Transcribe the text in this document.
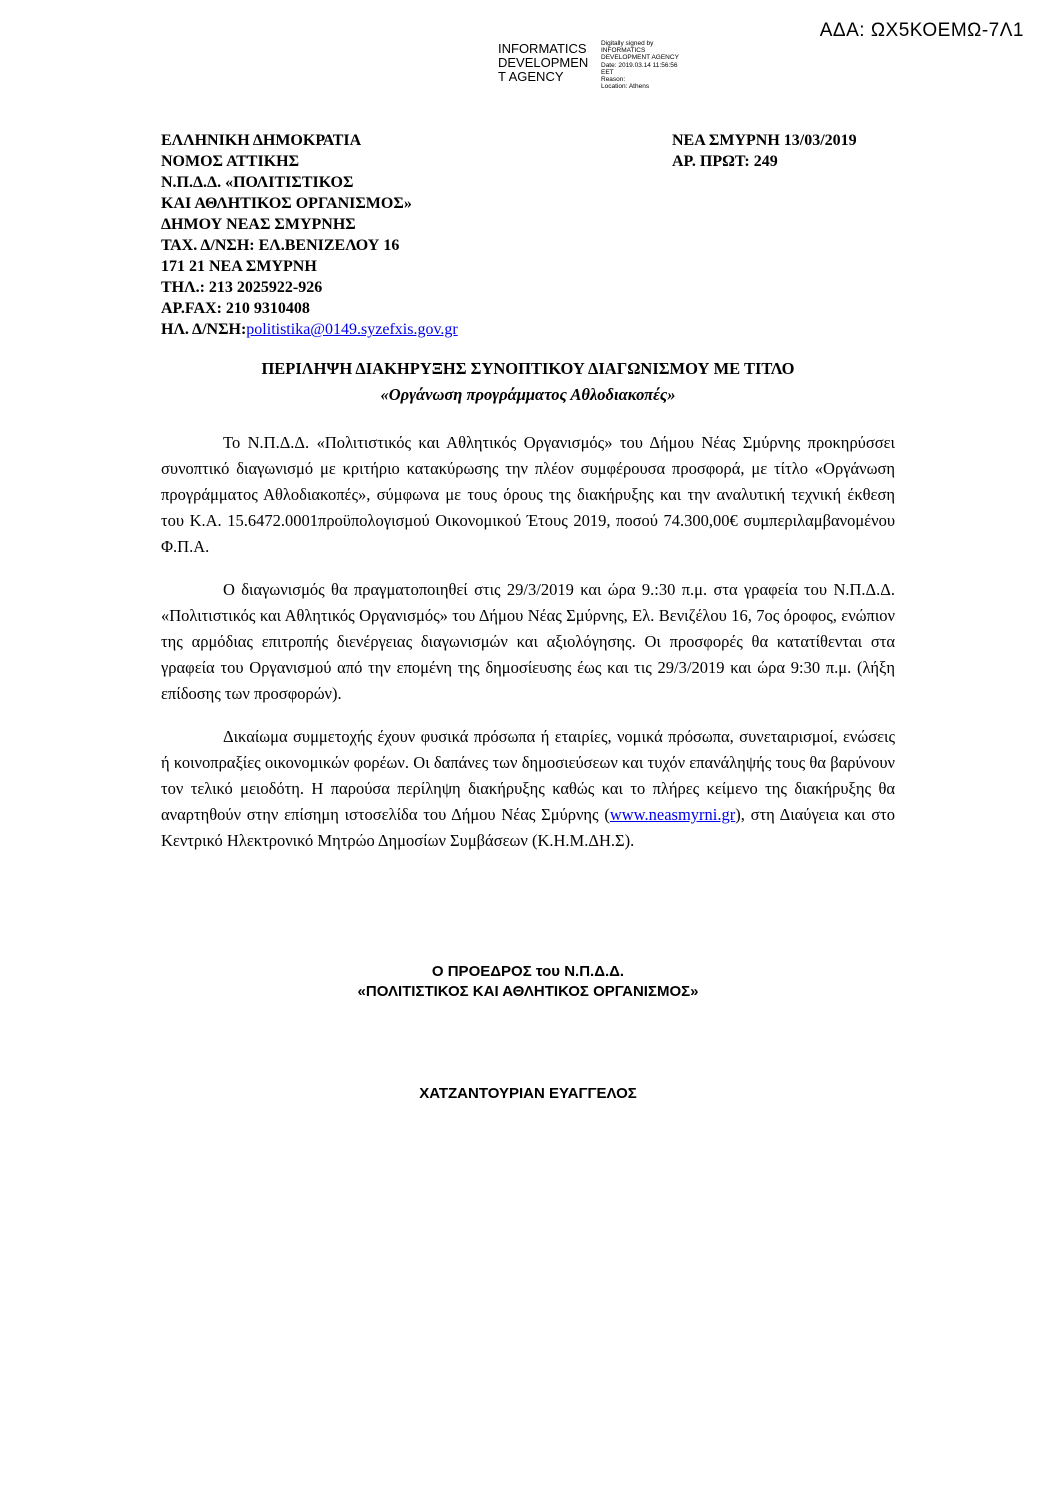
ΑΔΑ: ΩΧ5ΚΟΕΜΩ-7Λ1
INFORMATICS
DEVELOPMEN
T AGENCY
Digitally signed by
INFORMATICS
DEVELOPMENT AGENCY
Date: 2019.03.14 11:56:56
EET
Reason:
Location: Athens
ΕΛΛΗΝΙΚΗ ΔΗΜΟΚΡΑΤΙΑ
ΝΟΜΟΣ ΑΤΤΙΚΗΣ
Ν.Π.Δ.Δ. «ΠΟΛΙΤΙΣΤΙΚΟΣ
ΚΑΙ ΑΘΛΗΤΙΚΟΣ ΟΡΓΑΝΙΣΜΟΣ»
ΔΗΜΟΥ ΝΕΑΣ ΣΜΥΡΝΗΣ
ΤΑΧ. Δ/ΝΣΗ: ΕΛ.ΒΕΝΙΖΕΛΟΥ 16
171 21 ΝΕΑ ΣΜΥΡΝΗ
ΤΗΛ.: 213 2025922-926
ΑΡ.FAX: 210 9310408
ΗΛ. Δ/ΝΣΗ:politistika@0149.syzefxis.gov.gr
ΝΕΑ ΣΜΥΡΝΗ 13/03/2019
ΑΡ. ΠΡΩΤ: 249
ΠΕΡΙΛΗΨΗ ΔΙΑΚΗΡΥΞΗΣ ΣΥΝΟΠΤΙΚΟΥ ΔΙΑΓΩΝΙΣΜΟΥ ΜΕ ΤΙΤΛΟ
«Οργάνωση προγράμματος Αθλοδιακοπές»

Το Ν.Π.Δ.Δ. «Πολιτιστικός και Αθλητικός Οργανισμός» του Δήμου Νέας Σμύρνης προκηρύσσει συνοπτικό διαγωνισμό με κριτήριο κατακύρωσης την πλέον συμφέρουσα προσφορά, με τίτλο «Οργάνωση προγράμματος Αθλοδιακοπές», σύμφωνα με τους όρους της διακήρυξης και την αναλυτική τεχνική έκθεση του Κ.Α. 15.6472.0001προϋπολογισμού Οικονομικού Έτους 2019, ποσού 74.300,00€ συμπεριλαμβανομένου Φ.Π.Α.

Ο διαγωνισμός θα πραγματοποιηθεί στις 29/3/2019 και ώρα 9.:30 π.μ. στα γραφεία του Ν.Π.Δ.Δ. «Πολιτιστικός και Αθλητικός Οργανισμός» του Δήμου Νέας Σμύρνης, Ελ. Βενιζέλου 16, 7ος όροφος, ενώπιον της αρμόδιας επιτροπής διενέργειας διαγωνισμών και αξιολόγησης. Οι προσφορές θα κατατίθενται στα γραφεία του Οργανισμού από την επομένη της δημοσίευσης έως και τις 29/3/2019 και ώρα 9:30 π.μ. (λήξη επίδοσης των προσφορών).

Δικαίωμα συμμετοχής έχουν φυσικά πρόσωπα ή εταιρίες, νομικά πρόσωπα, συνεταιρισμοί, ενώσεις ή κοινοπραξίες οικονομικών φορέων. Οι δαπάνες των δημοσιεύσεων και τυχόν επανάληψής τους θα βαρύνουν τον τελικό μειοδότη. Η παρούσα περίληψη διακήρυξης καθώς και το πλήρες κείμενο της διακήρυξης θα αναρτηθούν στην επίσημη ιστοσελίδα του Δήμου Νέας Σμύρνης (www.neasmyrni.gr), στη Διαύγεια και στο Κεντρικό Ηλεκτρονικό Μητρώο Δημοσίων Συμβάσεων (Κ.Η.Μ.ΔΗ.Σ).

Ο ΠΡΟΕΔΡΟΣ του Ν.Π.Δ.Δ.
«ΠΟΛΙΤΙΣΤΙΚΟΣ ΚΑΙ ΑΘΛΗΤΙΚΟΣ ΟΡΓΑΝΙΣΜΟΣ»
ΧΑΤΖΑΝΤΟΥΡΙΑΝ ΕΥΑΓΓΕΛΟΣ
